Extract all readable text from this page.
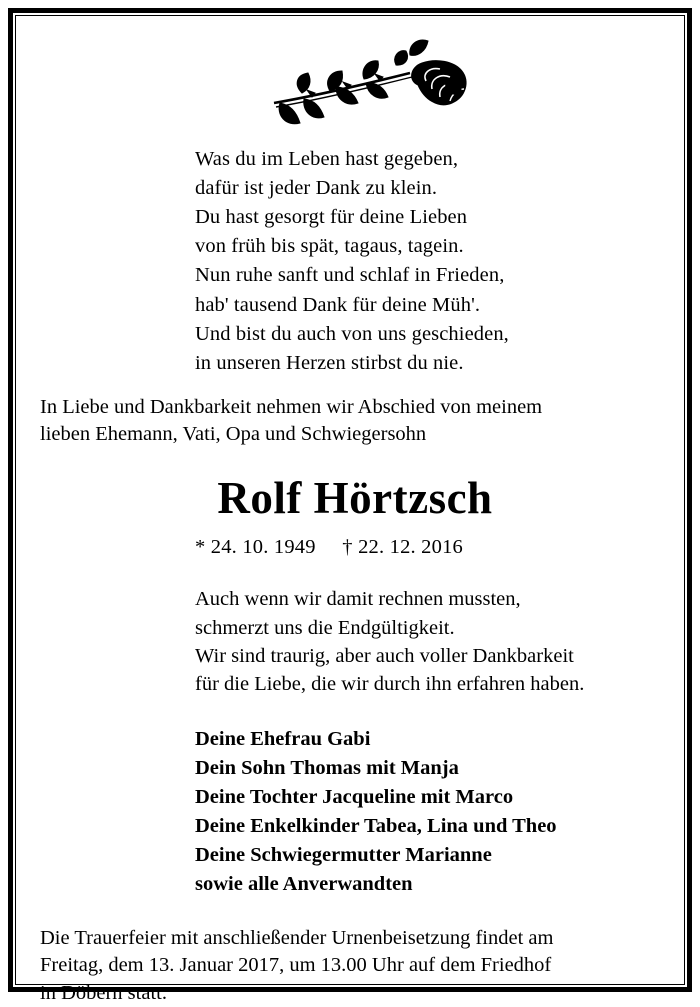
Was du im Leben hast gegeben,
dafür ist jeder Dank zu klein.
Du hast gesorgt für deine Lieben
von früh bis spät, tagaus, tagein.
Nun ruhe sanft und schlaf in Frieden,
hab' tausend Dank für deine Müh'.
Und bist du auch von uns geschieden,
in unseren Herzen stirbst du nie.
In Liebe und Dankbarkeit nehmen wir Abschied von meinem
lieben Ehemann, Vati, Opa und Schwiegersohn
Rolf Hörtzsch
* 24. 10. 1949     † 22. 12. 2016
Auch wenn wir damit rechnen mussten,
schmerzt uns die Endgültigkeit.
Wir sind traurig, aber auch voller Dankbarkeit
für die Liebe, die wir durch ihn erfahren haben.
Deine Ehefrau Gabi
Dein Sohn Thomas mit Manja
Deine Tochter Jacqueline mit Marco
Deine Enkelkinder Tabea, Lina und Theo
Deine Schwiegermutter Marianne
sowie alle Anverwandten
Die Trauerfeier mit anschließender Urnenbeisetzung findet am
Freitag, dem 13. Januar 2017, um 13.00 Uhr auf dem Friedhof
in Döbern statt.
